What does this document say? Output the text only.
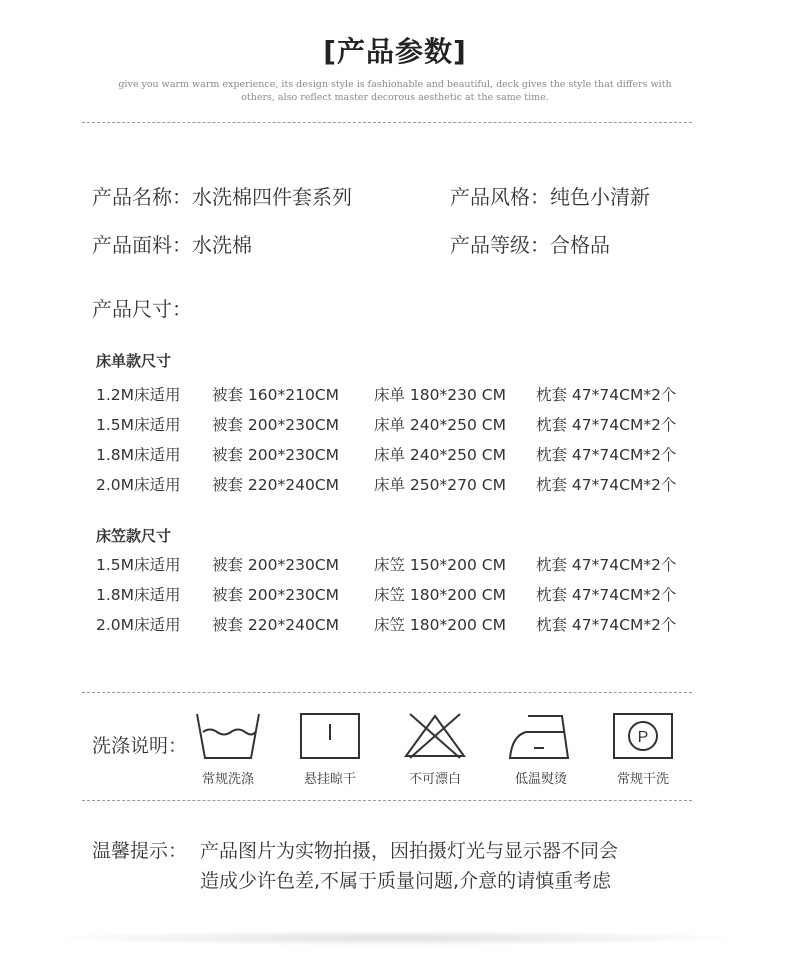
[产品参数]
give you warm warm experience, its design style is fashionable and beautiful, deck gives the style that differs with others, also reflect master decorous aesthetic at the same time.
产品名称：水洗棉四件套系列	产品风格：纯色小清新
产品面料：水洗棉	产品等级：合格品
产品尺寸：
床单款尺寸
1.2M床适用 被套 160*210CM 床单 180*230 CM 枕套 47*74CM*2个
1.5M床适用 被套 200*230CM 床单 240*250 CM 枕套 47*74CM*2个
1.8M床适用 被套 200*230CM 床单 240*250 CM 枕套 47*74CM*2个
2.0M床适用 被套 220*240CM 床单 250*270 CM 枕套 47*74CM*2个
床笠款尺寸
1.5M床适用 被套 200*230CM 床笠 150*200 CM 枕套 47*74CM*2个
1.8M床适用 被套 200*230CM 床笠 180*200 CM 枕套 47*74CM*2个
2.0M床适用 被套 220*240CM 床笠 180*200 CM 枕套 47*74CM*2个
洗涤说明：
常规洗涤	悬挂晾干	不可漂白	低温熨烫
P
常规干洗
温馨提示： 产品图片为实物拍摄，因拍摄灯光与显示器不同会
造成少许色差,不属于质量问题,介意的请慎重考虑
